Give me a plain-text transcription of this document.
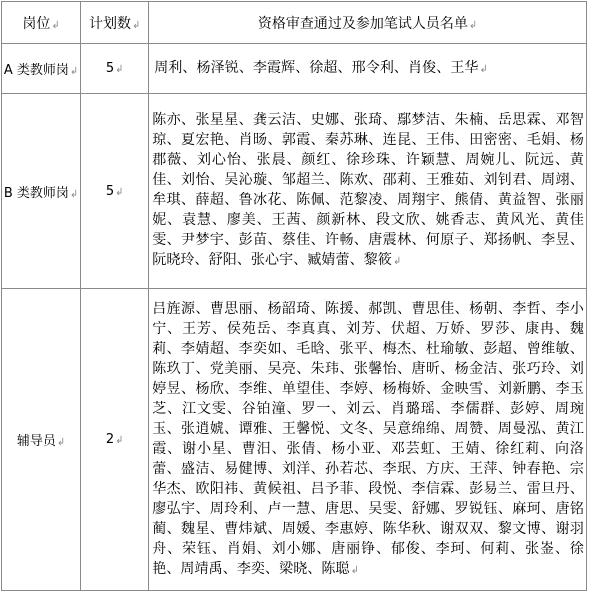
岗位↲	计划数↲	资格审查通过及参加笔试人员名单↲
A 类教师岗↲	5↲	周利、杨泽锐、李霞辉、徐超、邢令利、肖俊、王华↲
B 类教师岗↲	5↲	陈亦、张星星、龚云洁、史娜、张琦、鄢梦洁、朱楠、岳思霖、邓智琼、夏宏艳、肖旸、郭霞、秦苏琳、连昆、王伟、田密密、毛娟、杨郡薇、刘心怡、张晨、颜红、徐珍珠、许颖慧、周婉儿、阮远、黄佳、刘怡、吴沁璇、邹超兰、陈欢、邵莉、王雅茹、刘钊君、周翊、牟琪、薛超、鲁冰花、陈佩、范黎凌、周翔宇、熊倩、黄益智、张丽妮、袁慧、廖美、王茜、颜新林、段文欣、姚香志、黄风光、黄佳雯、尹梦宇、彭苗、蔡佳、许畅、唐震林、何原子、郑扬帆、李昱、阮晓玲、舒阳、张心宇、臧婧蕾、黎筱↲
辅导员↲	2↲	吕旌源、曹思丽、杨韶琦、陈援、郝凯、曹思佳、杨朝、李哲、李小宁、王芳、侯苑岳、李真真、刘芳、伏超、万娇、罗莎、康冉、魏莉、李婧超、李奕如、毛晗、张平、梅杰、杜瑜敏、彭超、曾维敏、陈玖丁、党美丽、吴亮、朱玮、张馨怡、唐昕、杨金洁、张巧玲、刘婷昱、杨欣、李维、单望佳、李婷、杨梅娇、金映雪、刘新鹏、李玉芝、江文雯、谷铂潼、罗一、刘云、肖璐瑶、李儒群、彭婷、周琬玉、张逍婋、谭雅、王馨悦、文冬、吴意绵绵、周赞、周曼泓、黄江霞、谢小星、曹汨、张倩、杨小亚、邓芸虹、王婧、徐红莉、向洛蕾、盛洁、易健博、刘洋、孙若芯、李珉、方庆、王萍、钟春艳、宗华杰、欧阳祎、黄候祖、吕予菲、段悦、李信霖、彭易兰、雷旦丹、廖弘宇、周玲利、卢一慧、唐思、吴雯、舒娜、罗锐钰、麻珂、唐铭蔺、魏星、曹炜斌、周媛、李惠婷、陈华秋、谢双双、黎文博、谢羽舟、荣钰、肖娟、刘小娜、唐丽铮、郁俊、李珂、何莉、张崟、徐艳、周靖禹、李奕、梁晓、陈聪↲
